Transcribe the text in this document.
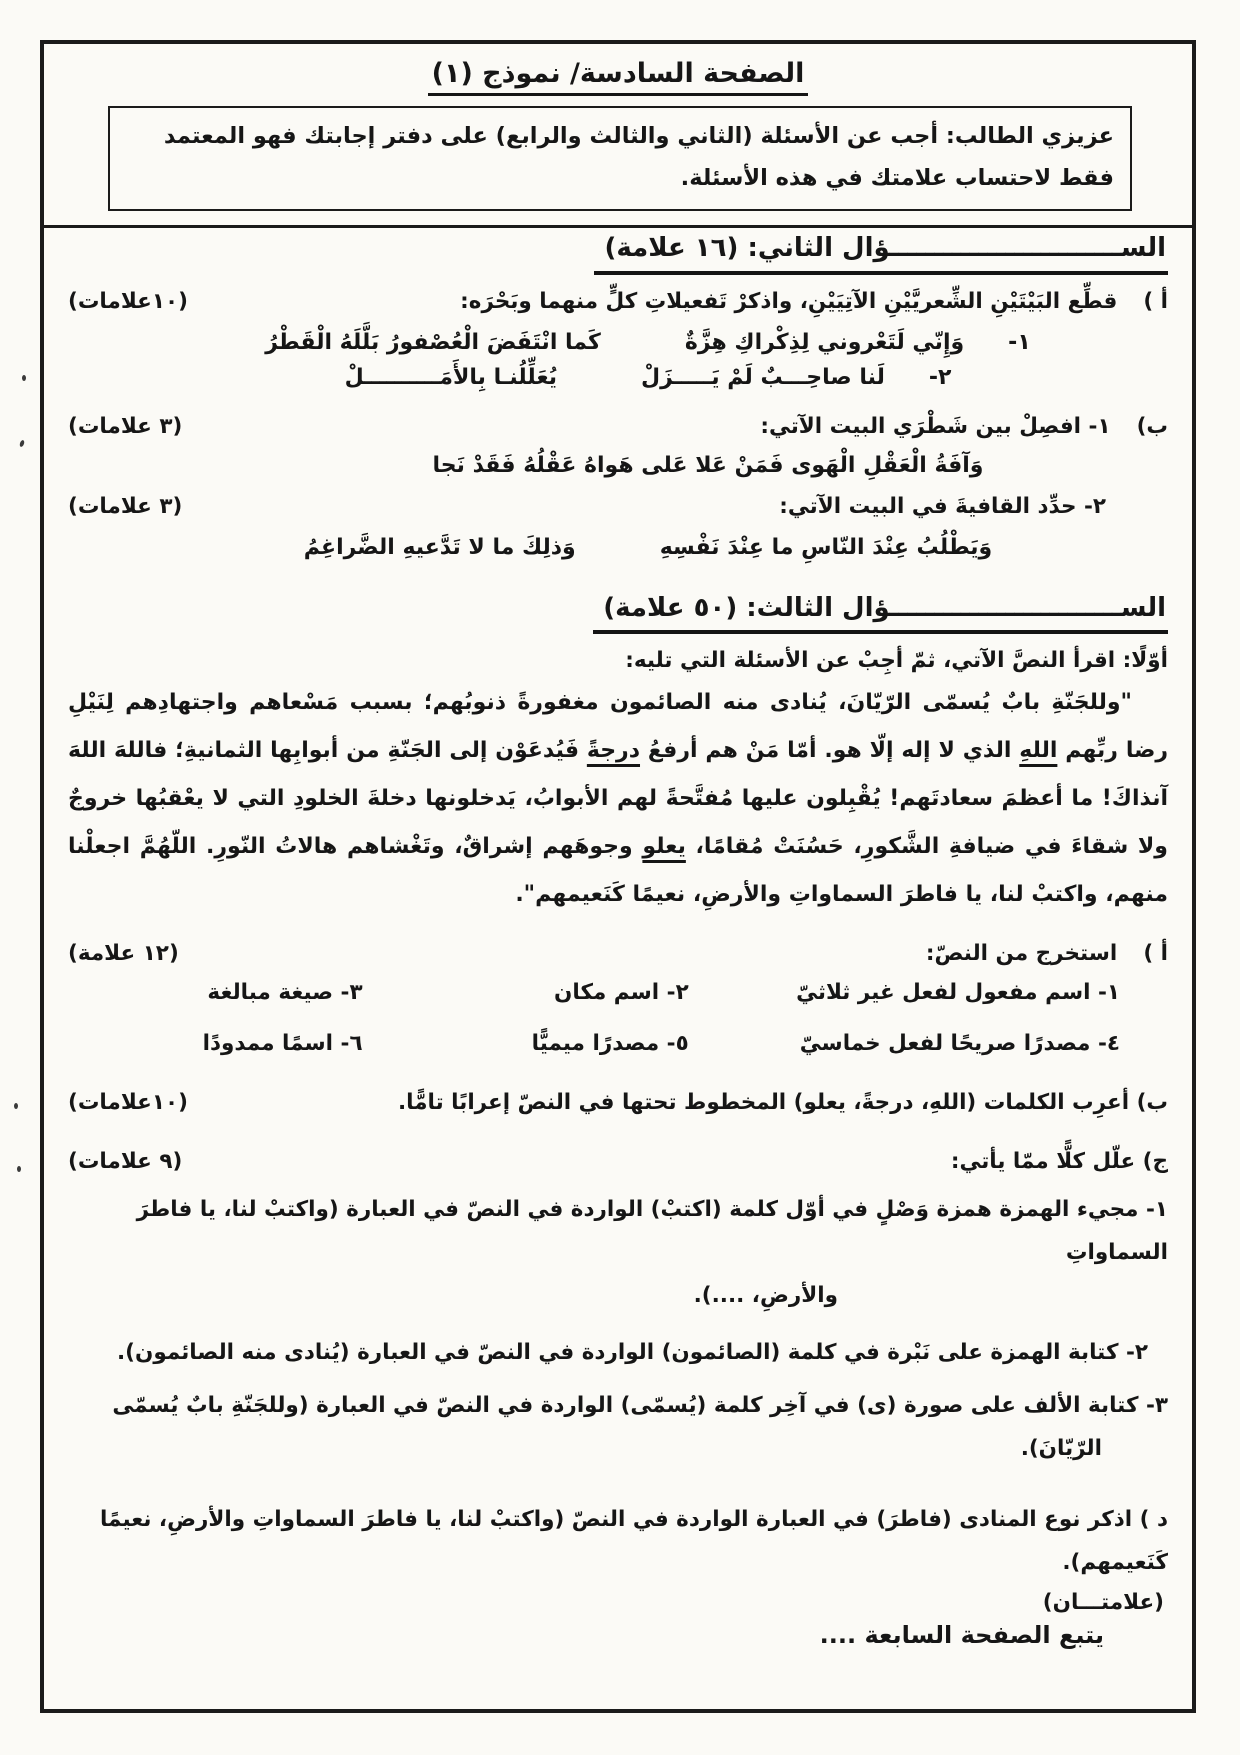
الصفحة السادسة/ نموذج (١)
عزيزي الطالب: أجب عن الأسئلة (الثاني والثالث والرابع) على دفتر إجابتك فهو المعتمد فقط لاحتساب علامتك في هذه الأسئلة.
الســــــــــــــــــــــــــؤال الثاني: (١٦ علامة)
أ )
قطِّع البَيْتَيْنِ الشِّعريَّيْنِ الآتِيَيْنِ، واذكرْ تَفعيلاتِ كلٍّ منهما وبَحْرَه:
(١٠علامات)
١-
وَإِنّي لَتَعْروني لِذِكْراكِ هِزَّةٌ
كَما انْتَفَضَ الْعُصْفورُ بَلَّلَهُ الْقَطْرُ
٢-
لَنا صاحِـــبٌ لَمْ يَـــــزَلْ
يُعَلِّلُنـا بِالأَمَــــــــــلْ
ب)
١- افصِلْ بين شَطْرَي البيت الآتي:
(٣ علامات)
وَآفَةُ الْعَقْلِ الْهَوى فَمَنْ عَلا عَلى هَواهُ عَقْلُهُ فَقَدْ نَجا
٢- حدِّد القافيةَ في البيت الآتي:
(٣ علامات)
وَيَطْلُبُ عِنْدَ النّاسِ ما عِنْدَ نَفْسِهِ
وَذلِكَ ما لا تَدَّعيهِ الضَّراغِمُ
الســــــــــــــــــــــــــؤال الثالث: (٥٠ علامة)
أوّلًا: اقرأ النصَّ الآتي، ثمّ أجِبْ عن الأسئلة التي تليه:

"وللجَنّةِ بابٌ يُسمّى الرّيّانَ، يُنادى منه الصائمون مغفورةً ذنوبُهم؛ بسبب مَسْعاهم واجتهادِهم لِنَيْلِ رضا ربِّهم اللهِ الذي لا إله إلّا هو. أمّا مَنْ هم أرفعُ درجةً فَيُدعَوْن إلى الجَنّةِ من أبوابِها الثمانيةِ؛ فاللهَ اللهَ آنذاكَ! ما أعظمَ سعادتَهم! يُقْبِلون عليها مُفتَّحةً لهم الأبوابُ، يَدخلونها دخلةَ الخلودِ التي لا يعْقبُها خروجٌ ولا شقاءَ في ضيافةِ الشَّكورِ، حَسُنَتْ مُقامًا، يعلو وجوهَهم إشراقٌ، وتَغْشاهم هالاتُ النّورِ. اللّهُمَّ اجعلْنا منهم، واكتبْ لنا، يا فاطرَ السماواتِ والأرضِ، نعيمًا كَنَعيمهم".

أ )
استخرج من النصّ:
(١٢ علامة)
١- اسم مفعول لفعل غير ثلاثيّ
٢- اسم مكان
٣- صيغة مبالغة
٤- مصدرًا صريحًا لفعل خماسيّ
٥- مصدرًا ميميًّا
٦- اسمًا ممدودًا
ب) أعرِب الكلمات (اللهِ، درجةً، يعلو) المخطوط تحتها في النصّ إعرابًا تامًّا.
(١٠علامات)
ج) علّل كلًّا ممّا يأتي:
(٩ علامات)
١- مجيء الهمزة همزة وَصْلٍ في أوّل كلمة (اكتبْ) الواردة في النصّ في العبارة (واكتبْ لنا، يا فاطرَ السماواتِ
والأرضِ، ....).
٢- كتابة الهمزة على نَبْرة في كلمة (الصائمون) الواردة في النصّ في العبارة (يُنادى منه الصائمون).
٣- كتابة الألف على صورة (ى) في آخِر كلمة (يُسمّى) الواردة في النصّ في العبارة (وللجَنّةِ بابٌ يُسمّى
الرّيّانَ).
د ) اذكر نوع المنادى (فاطرَ) في العبارة الواردة في النصّ (واكتبْ لنا، يا فاطرَ السماواتِ والأرضِ، نعيمًا كَنَعيمهم).
(علامتـــان)
يتبع الصفحة السابعة ....
